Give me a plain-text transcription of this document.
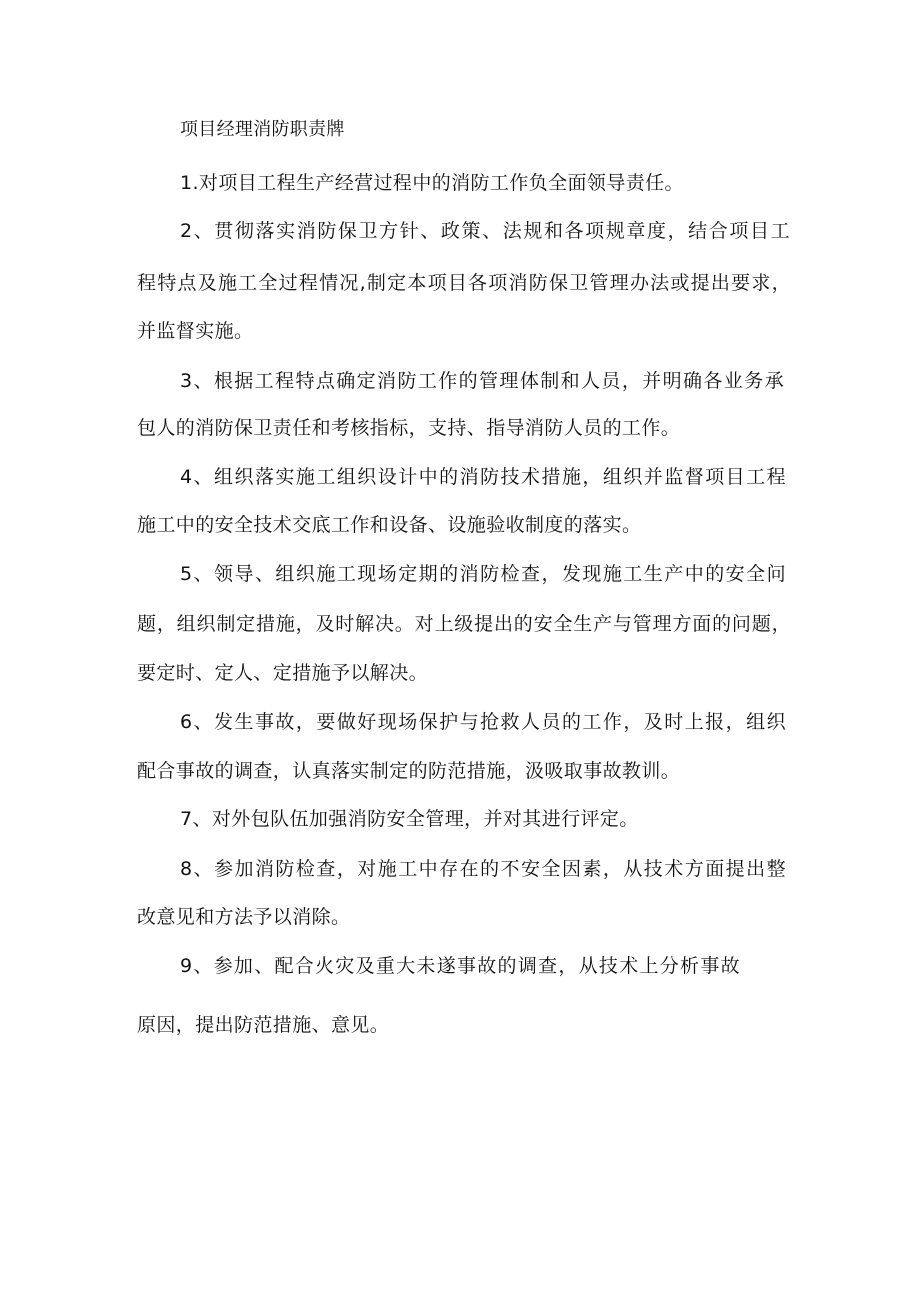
项目经理消防职责牌
1.对项目工程生产经营过程中的消防工作负全面领导责任。
2、贯彻落实消防保卫方针、政策、法规和各项规章度，结合项目工
程特点及施工全过程情况,制定本项目各项消防保卫管理办法或提出要求，
并监督实施。
3、根据工程特点确定消防工作的管理体制和人员，并明确各业务承
包人的消防保卫责任和考核指标，支持、指导消防人员的工作。
4、组织落实施工组织设计中的消防技术措施，组织并监督项目工程
施工中的安全技术交底工作和设备、设施验收制度的落实。
5、领导、组织施工现场定期的消防检查，发现施工生产中的安全问
题，组织制定措施，及时解决。对上级提出的安全生产与管理方面的问题，
要定时、定人、定措施予以解决。
6、发生事故，要做好现场保护与抢救人员的工作，及时上报，组织
配合事故的调查，认真落实制定的防范措施，汲吸取事故教训。
7、对外包队伍加强消防安全管理，并对其进行评定。
8、参加消防检查，对施工中存在的不安全因素，从技术方面提出整
改意见和方法予以消除。
9、参加、配合火灾及重大未遂事故的调查，从技术上分析事故
原因，提出防范措施、意见。
